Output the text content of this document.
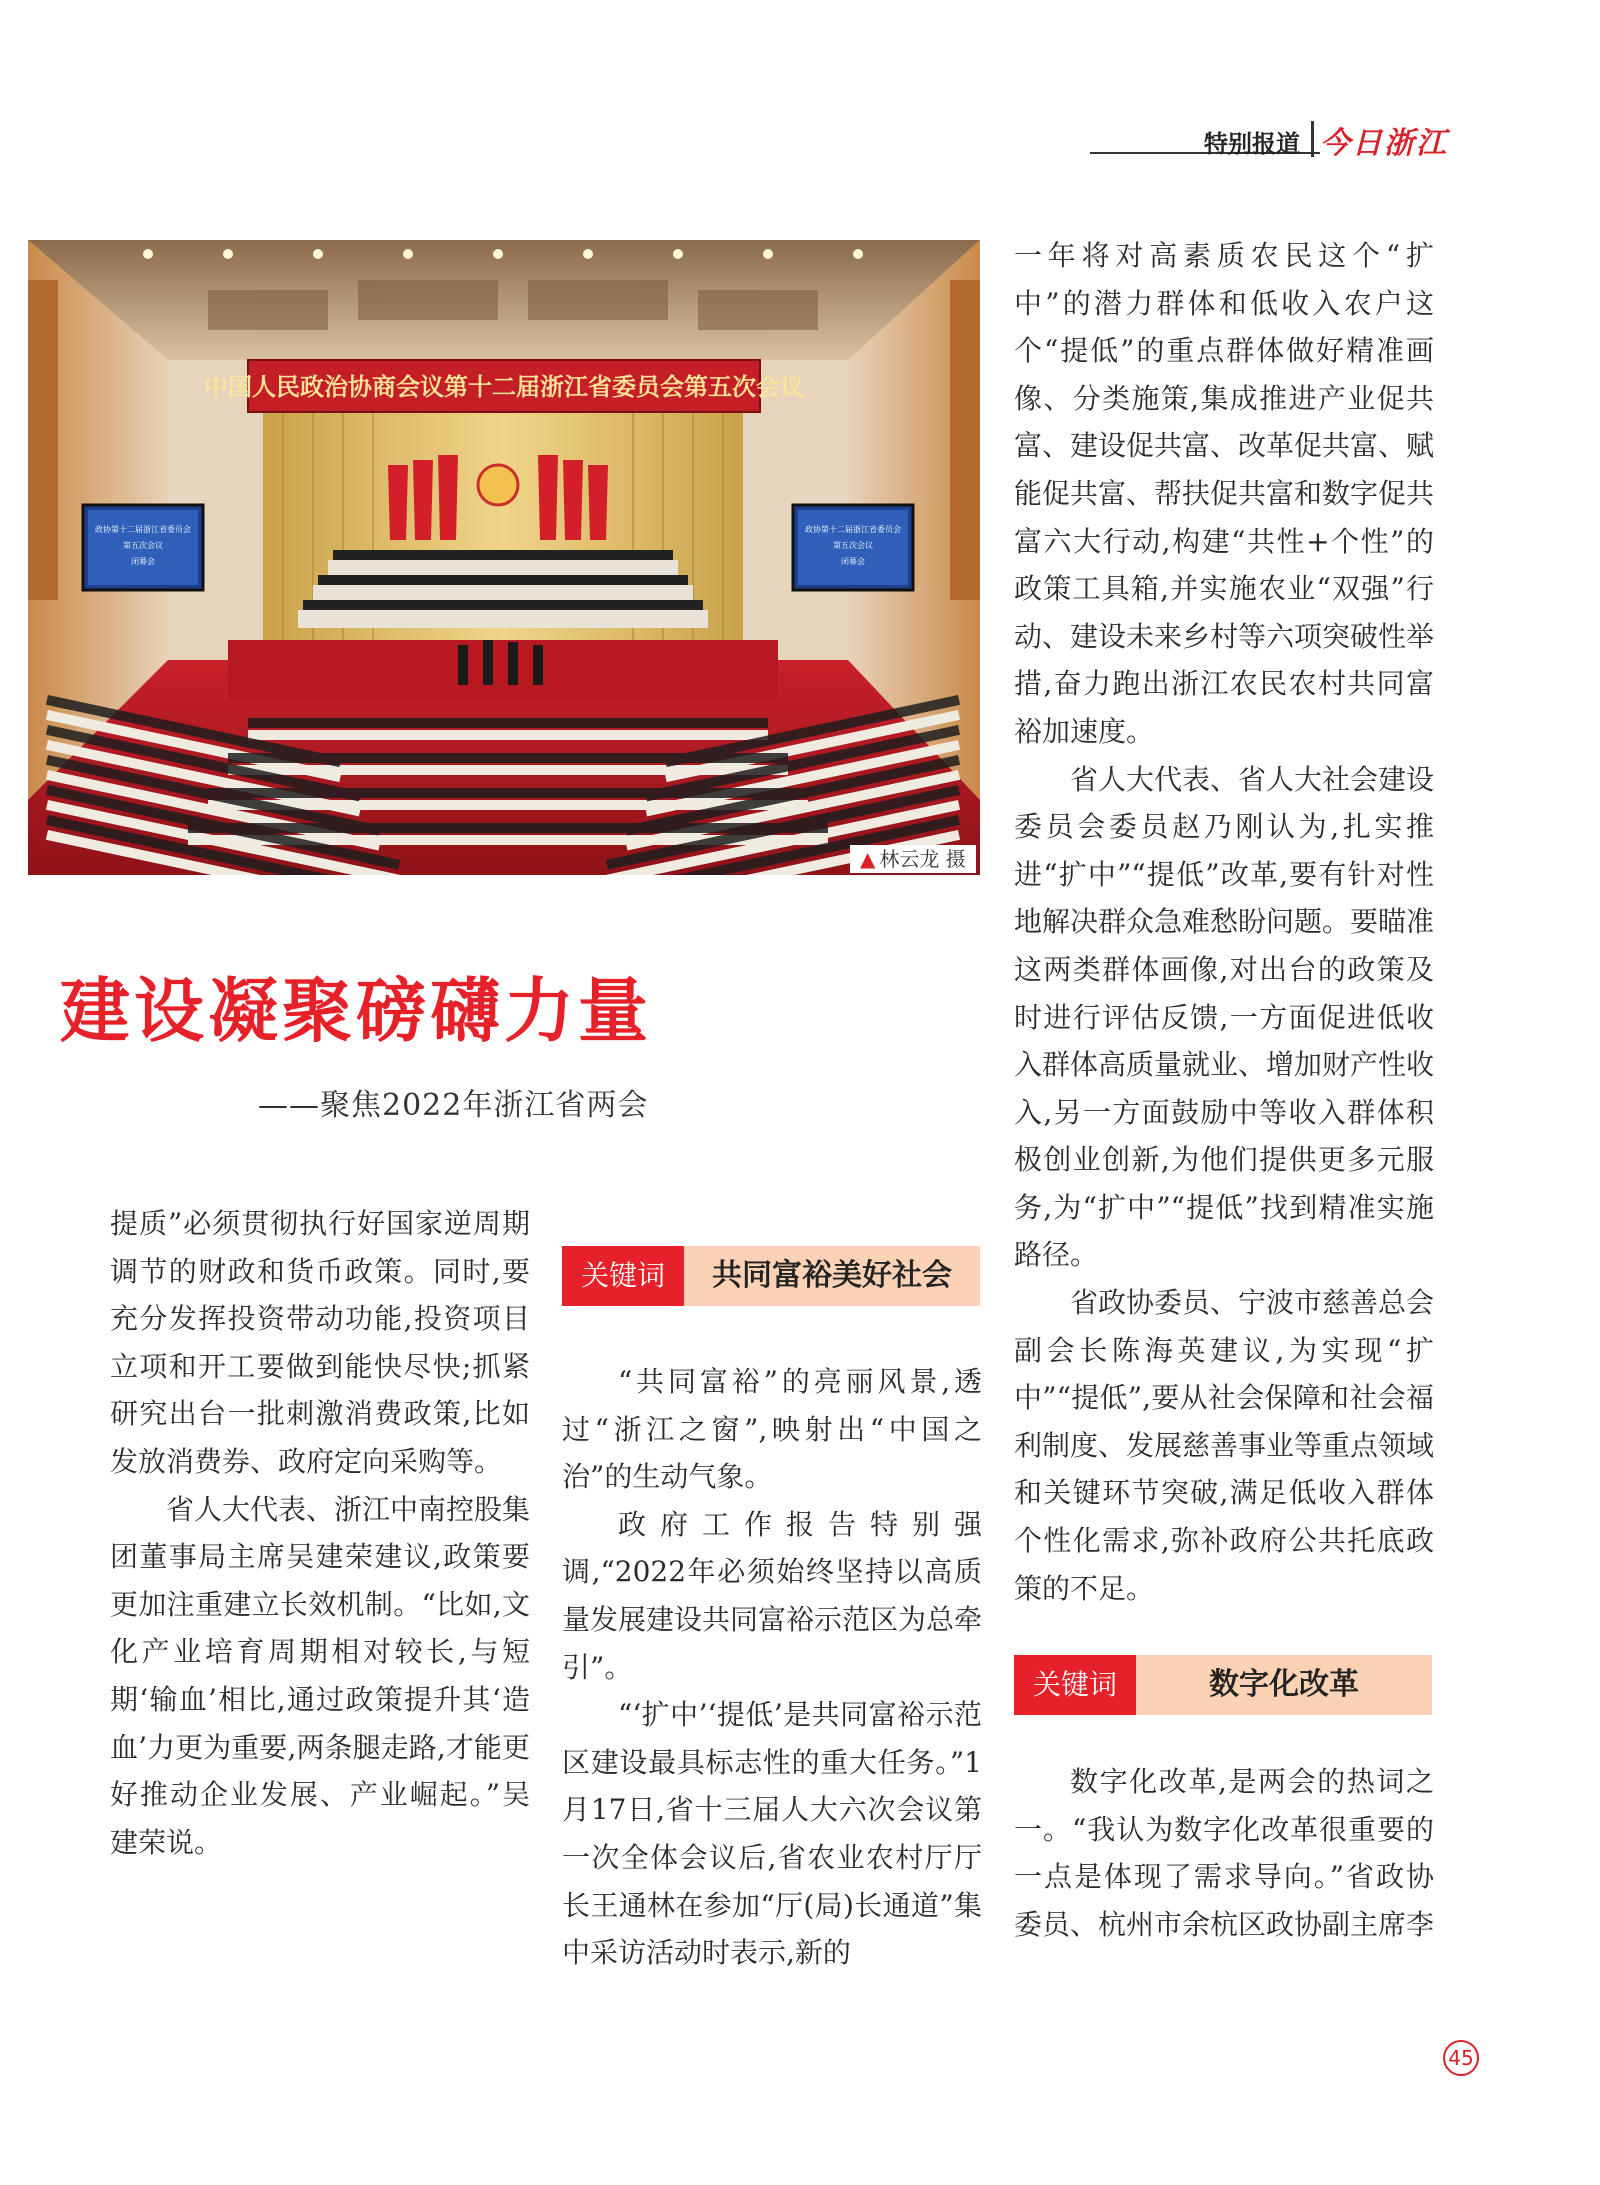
特别报道 今日浙江
中国人民政治协商会议第十二届浙江省委员会第五次会议
政协第十二届浙江省委员会
第五次会议
闭幕会
政协第十二届浙江省委员会
第五次会议
闭幕会
▲ 林云龙 摄
建设凝聚磅礴力量
——聚焦2022年浙江省两会

提质”必须贯彻执行好国家逆周期调节的财政和货币政策。同时,要充分发挥投资带动功能,投资项目立项和开工要做到能快尽快;抓紧研究出台一批刺激消费政策,比如发放消费券、政府定向采购等。

省人大代表、浙江中南控股集团董事局主席吴建荣建议,政策要更加注重建立长效机制。“比如,文化产业培育周期相对较长,与短期‘输血’相比,通过政策提升其‘造血’力更为重要,两条腿走路,才能更好推动企业发展、产业崛起。”吴建荣说。

关键词	共同富裕美好社会

“共同富裕”的亮丽风景,透过“浙江之窗”,映射出“中国之治”的生动气象。

政府工作报告特别强调,“2022年必须始终坚持以高质量发展建设共同富裕示范区为总牵引”。

“‘扩中’‘提低’是共同富裕示范区建设最具标志性的重大任务。”1月17日,省十三届人大六次会议第一次全体会议后,省农业农村厅厅长王通林在参加“厅(局)长通道”集中采访活动时表示,新的

一年将对高素质农民这个“扩中”的潜力群体和低收入农户这个“提低”的重点群体做好精准画像、分类施策,集成推进产业促共富、建设促共富、改革促共富、赋能促共富、帮扶促共富和数字促共富六大行动,构建“共性+个性”的政策工具箱,并实施农业“双强”行动、建设未来乡村等六项突破性举措,奋力跑出浙江农民农村共同富裕加速度。

省人大代表、省人大社会建设委员会委员赵乃刚认为,扎实推进“扩中”“提低”改革,要有针对性地解决群众急难愁盼问题。要瞄准这两类群体画像,对出台的政策及时进行评估反馈,一方面促进低收入群体高质量就业、增加财产性收入,另一方面鼓励中等收入群体积极创业创新,为他们提供更多元服务,为“扩中”“提低”找到精准实施路径。

省政协委员、宁波市慈善总会副会长陈海英建议,为实现“扩中”“提低”,要从社会保障和社会福利制度、发展慈善事业等重点领域和关键环节突破,满足低收入群体个性化需求,弥补政府公共托底政策的不足。

关键词	数字化改革

数字化改革,是两会的热词之一。“我认为数字化改革很重要的一点是体现了需求导向。”省政协委员、杭州市余杭区政协副主席李

45
